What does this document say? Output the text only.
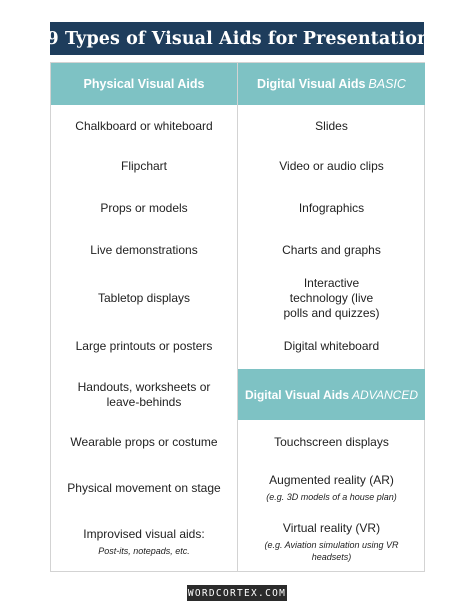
19 Types of Visual Aids for Presentations
Physical Visual Aids	Digital Visual Aids BASIC
Chalkboard or whiteboard
Flipchart
Props or models
Live demonstrations
Tabletop displays
Large printouts or posters
Handouts, worksheets or leave-behinds
Wearable props or costume
Physical movement on stage
Improvised visual aids:
Post-its, notepads, etc.
Slides
Video or audio clips
Infographics
Charts and graphs
Interactive technology (live polls and quizzes)
Digital whiteboard
Digital Visual Aids ADVANCED
Touchscreen displays
Augmented reality (AR)
(e.g. 3D models of a house plan)
Virtual reality (VR)
(e.g. Aviation simulation using VR headsets)
WORDCORTEX.COM
